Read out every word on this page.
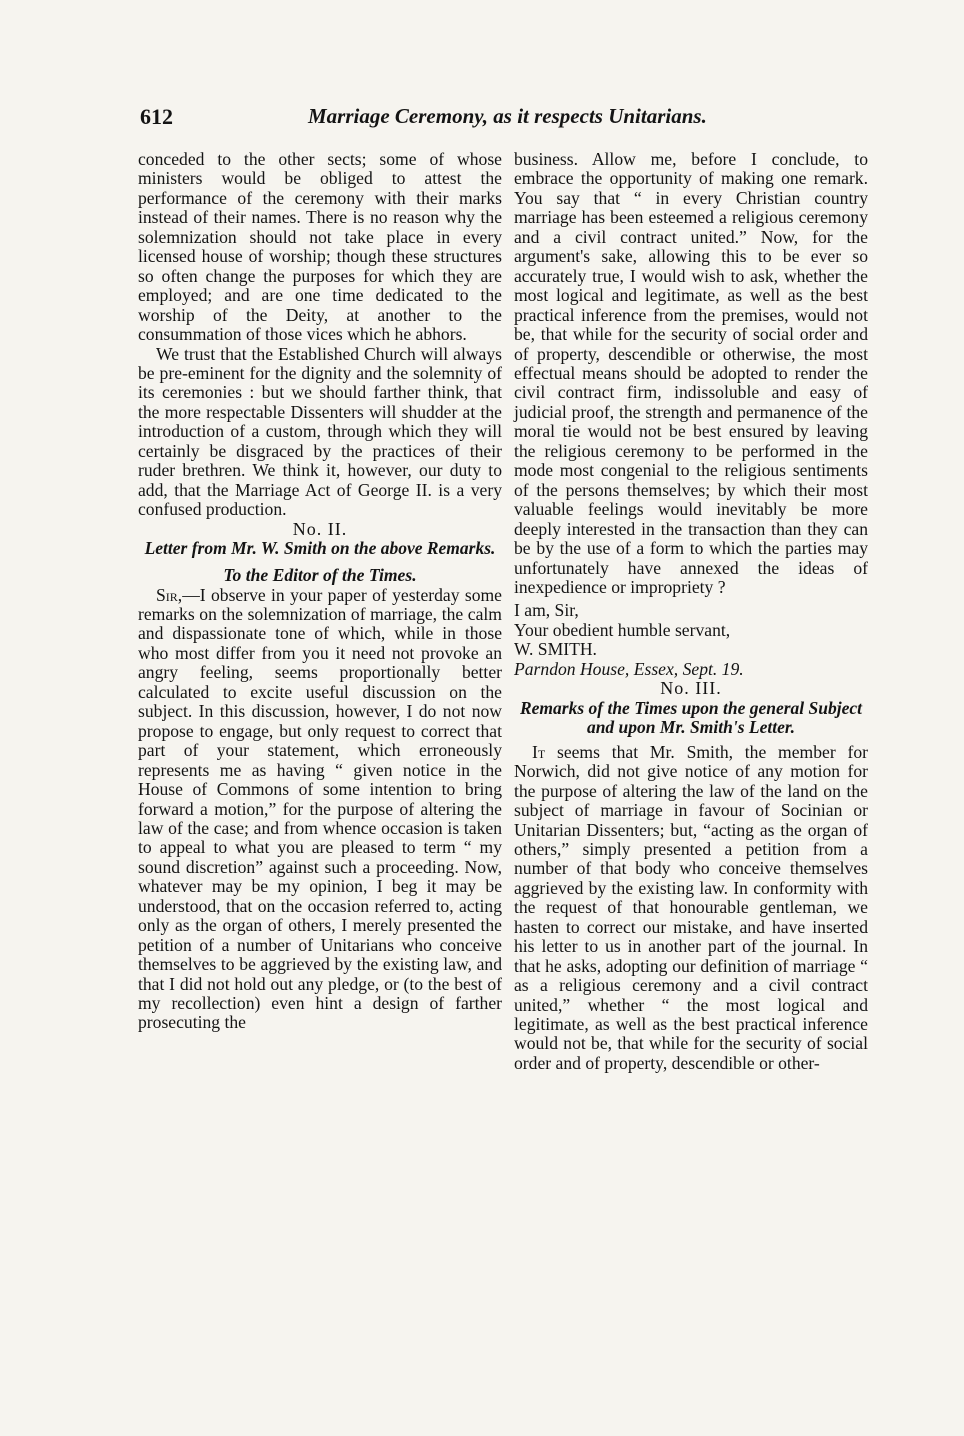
612	Marriage Ceremony, as it respects Unitarians.

conceded to the other sects; some of whose ministers would be obliged to attest the performance of the ceremony with their marks instead of their names. There is no reason why the solemnization should not take place in every licensed house of worship; though these structures so often change the purposes for which they are employed; and are one time dedicated to the worship of the Deity, at another to the consummation of those vices which he abhors.

We trust that the Established Church will always be pre-eminent for the dignity and the solemnity of its ceremonies : but we should farther think, that the more respectable Dissenters will shudder at the introduction of a custom, through which they will certainly be disgraced by the practices of their ruder brethren. We think it, however, our duty to add, that the Marriage Act of George II. is a very confused production.

No. II.

Letter from Mr. W. Smith on the above Remarks.

To the Editor of the Times.

Sir,—I observe in your paper of yesterday some remarks on the solemnization of marriage, the calm and dispassionate tone of which, while in those who most differ from you it need not provoke an angry feeling, seems proportionally better calculated to excite useful discussion on the subject. In this discussion, however, I do not now propose to engage, but only request to correct that part of your statement, which erroneously represents me as having “ given notice in the House of Commons of some intention to bring forward a motion,” for the purpose of altering the law of the case; and from whence occasion is taken to appeal to what you are pleased to term “ my sound discretion” against such a proceeding. Now, whatever may be my opinion, I beg it may be understood, that on the occasion referred to, acting only as the organ of others, I merely presented the petition of a number of Unitarians who conceive themselves to be aggrieved by the existing law, and that I did not hold out any pledge, or (to the best of my recollection) even hint a design of farther prosecuting the

business. Allow me, before I conclude, to embrace the opportunity of making one remark. You say that “ in every Christian country marriage has been esteemed a religious ceremony and a civil contract united.” Now, for the argument's sake, allowing this to be ever so accurately true, I would wish to ask, whether the most logical and legitimate, as well as the best practical inference from the premises, would not be, that while for the security of social order and of property, descendible or otherwise, the most effectual means should be adopted to render the civil contract firm, indissoluble and easy of judicial proof, the strength and permanence of the moral tie would not be best ensured by leaving the religious ceremony to be performed in the mode most congenial to the religious sentiments of the persons themselves; by which their most valuable feelings would inevitably be more deeply interested in the transaction than they can be by the use of a form to which the parties may unfortunately have annexed the ideas of inexpedience or impropriety ?

I am, Sir,

Your obedient humble servant,

W. SMITH.

Parndon House, Essex, Sept. 19.

No. III.

Remarks of the Times upon the general Subject and upon Mr. Smith's Letter.

It seems that Mr. Smith, the member for Norwich, did not give notice of any motion for the purpose of altering the law of the land on the subject of marriage in favour of Socinian or Unitarian Dissenters; but, “acting as the organ of others,” simply presented a petition from a number of that body who conceive themselves aggrieved by the existing law. In conformity with the request of that honourable gentleman, we hasten to correct our mistake, and have inserted his letter to us in another part of the journal. In that he asks, adopting our definition of marriage “ as a religious ceremony and a civil contract united,” whether “ the most logical and legitimate, as well as the best practical inference would not be, that while for the security of social order and of property, descendible or other-
